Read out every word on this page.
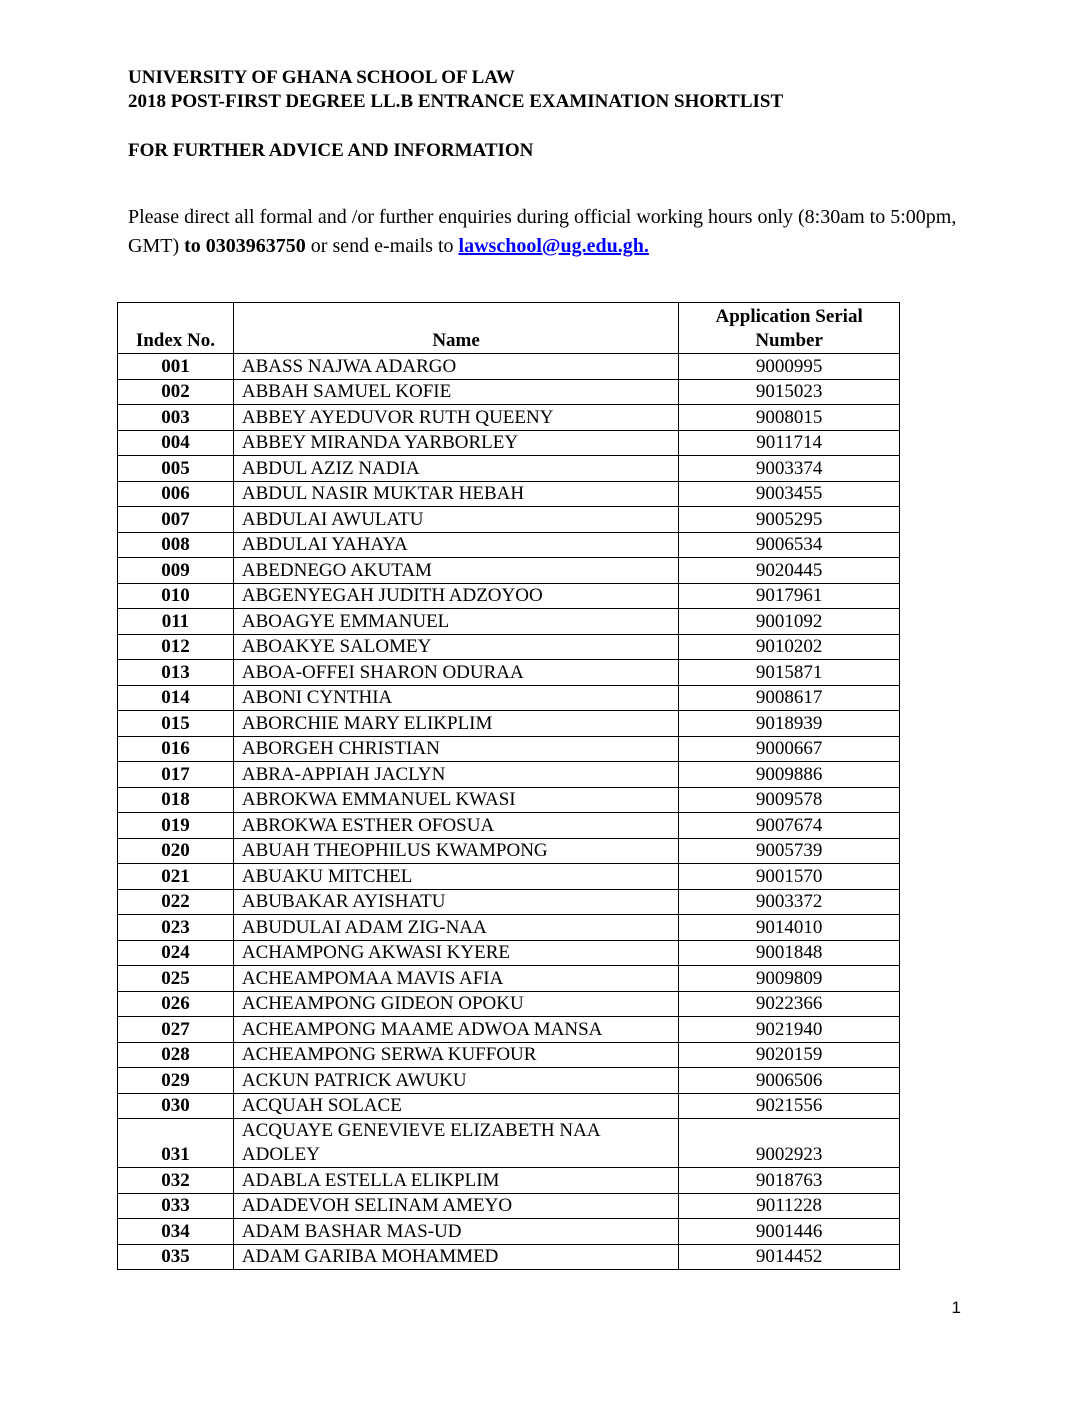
UNIVERSITY OF GHANA SCHOOL OF LAW
2018 POST-FIRST DEGREE LL.B ENTRANCE EXAMINATION SHORTLIST
FOR FURTHER ADVICE AND INFORMATION

Please direct all formal and /or further enquiries during official working hours only (8:30am to 5:00pm, GMT) to 0303963750 or send e-mails to lawschool@ug.edu.gh.

Index No.	Name	Application Serial Number
001	ABASS NAJWA ADARGO	9000995
002	ABBAH SAMUEL KOFIE	9015023
003	ABBEY AYEDUVOR RUTH QUEENY	9008015
004	ABBEY MIRANDA YARBORLEY	9011714
005	ABDUL AZIZ NADIA	9003374
006	ABDUL NASIR MUKTAR HEBAH	9003455
007	ABDULAI AWULATU	9005295
008	ABDULAI YAHAYA	9006534
009	ABEDNEGO AKUTAM	9020445
010	ABGENYEGAH JUDITH ADZOYOO	9017961
011	ABOAGYE EMMANUEL	9001092
012	ABOAKYE SALOMEY	9010202
013	ABOA-OFFEI SHARON ODURAA	9015871
014	ABONI CYNTHIA	9008617
015	ABORCHIE MARY ELIKPLIM	9018939
016	ABORGEH CHRISTIAN	9000667
017	ABRA-APPIAH JACLYN	9009886
018	ABROKWA EMMANUEL KWASI	9009578
019	ABROKWA ESTHER OFOSUA	9007674
020	ABUAH THEOPHILUS KWAMPONG	9005739
021	ABUAKU MITCHEL	9001570
022	ABUBAKAR AYISHATU	9003372
023	ABUDULAI ADAM ZIG-NAA	9014010
024	ACHAMPONG AKWASI KYERE	9001848
025	ACHEAMPOMAA MAVIS AFIA	9009809
026	ACHEAMPONG GIDEON OPOKU	9022366
027	ACHEAMPONG MAAME ADWOA MANSA	9021940
028	ACHEAMPONG SERWA KUFFOUR	9020159
029	ACKUN PATRICK AWUKU	9006506
030	ACQUAH SOLACE	9021556
031	ACQUAYE GENEVIEVE ELIZABETH NAA ADOLEY	9002923
032	ADABLA ESTELLA ELIKPLIM	9018763
033	ADADEVOH SELINAM AMEYO	9011228
034	ADAM BASHAR MAS-UD	9001446
035	ADAM GARIBA MOHAMMED	9014452
1
